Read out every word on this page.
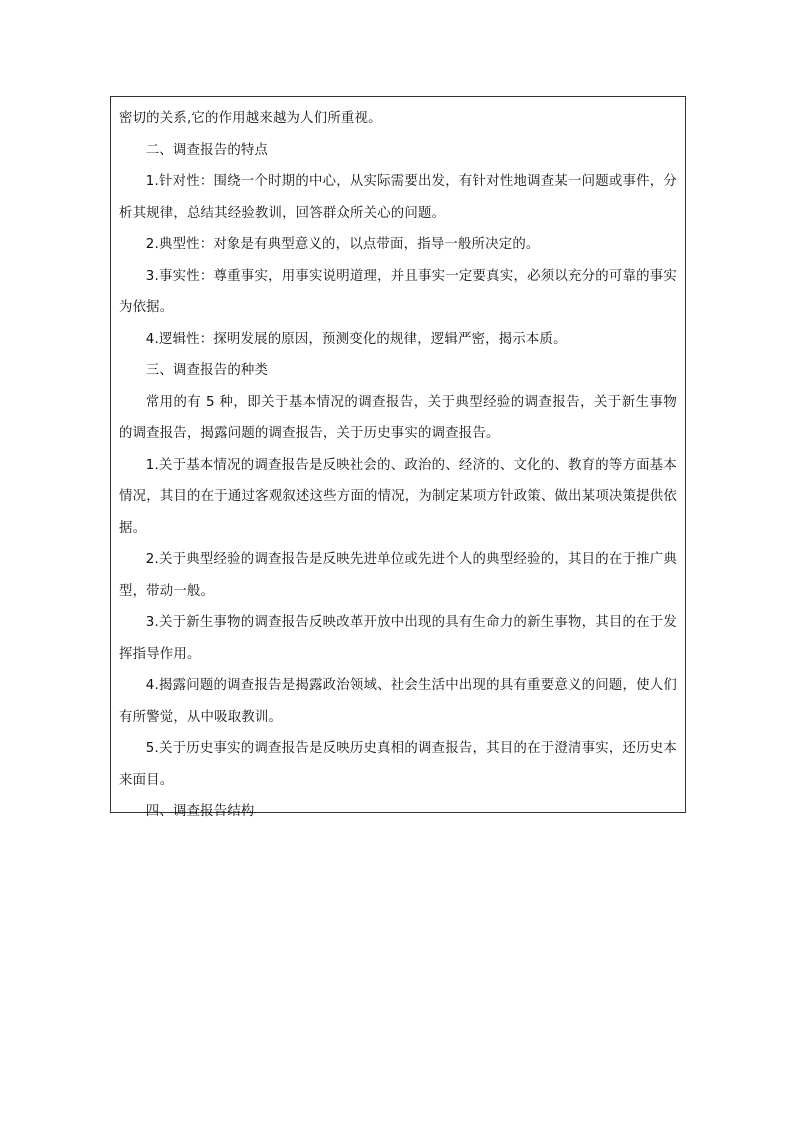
密切的关系,它的作用越来越为人们所重视。

二、调查报告的特点

1.针对性：围绕一个时期的中心，从实际需要出发，有针对性地调查某一问题或事件，分析其规律，总结其经验教训，回答群众所关心的问题。

2.典型性：对象是有典型意义的，以点带面，指导一般所决定的。

3.事实性：尊重事实，用事实说明道理，并且事实一定要真实，必须以充分的可靠的事实为依据。

4.逻辑性：探明发展的原因，预测变化的规律，逻辑严密，揭示本质。

三、调查报告的种类

常用的有 5 种，即关于基本情况的调查报告，关于典型经验的调查报告，关于新生事物的调查报告，揭露问题的调查报告，关于历史事实的调查报告。

1.关于基本情况的调查报告是反映社会的、政治的、经济的、文化的、教育的等方面基本情况，其目的在于通过客观叙述这些方面的情况，为制定某项方针政策、做出某项决策提供依据。

2.关于典型经验的调查报告是反映先进单位或先进个人的典型经验的，其目的在于推广典型，带动一般。

3.关于新生事物的调查报告反映改革开放中出现的具有生命力的新生事物，其目的在于发挥指导作用。

4.揭露问题的调查报告是揭露政治领域、社会生活中出现的具有重要意义的问题，使人们有所警觉，从中吸取教训。

5.关于历史事实的调查报告是反映历史真相的调查报告，其目的在于澄清事实，还历史本来面目。

四、调查报告结构
